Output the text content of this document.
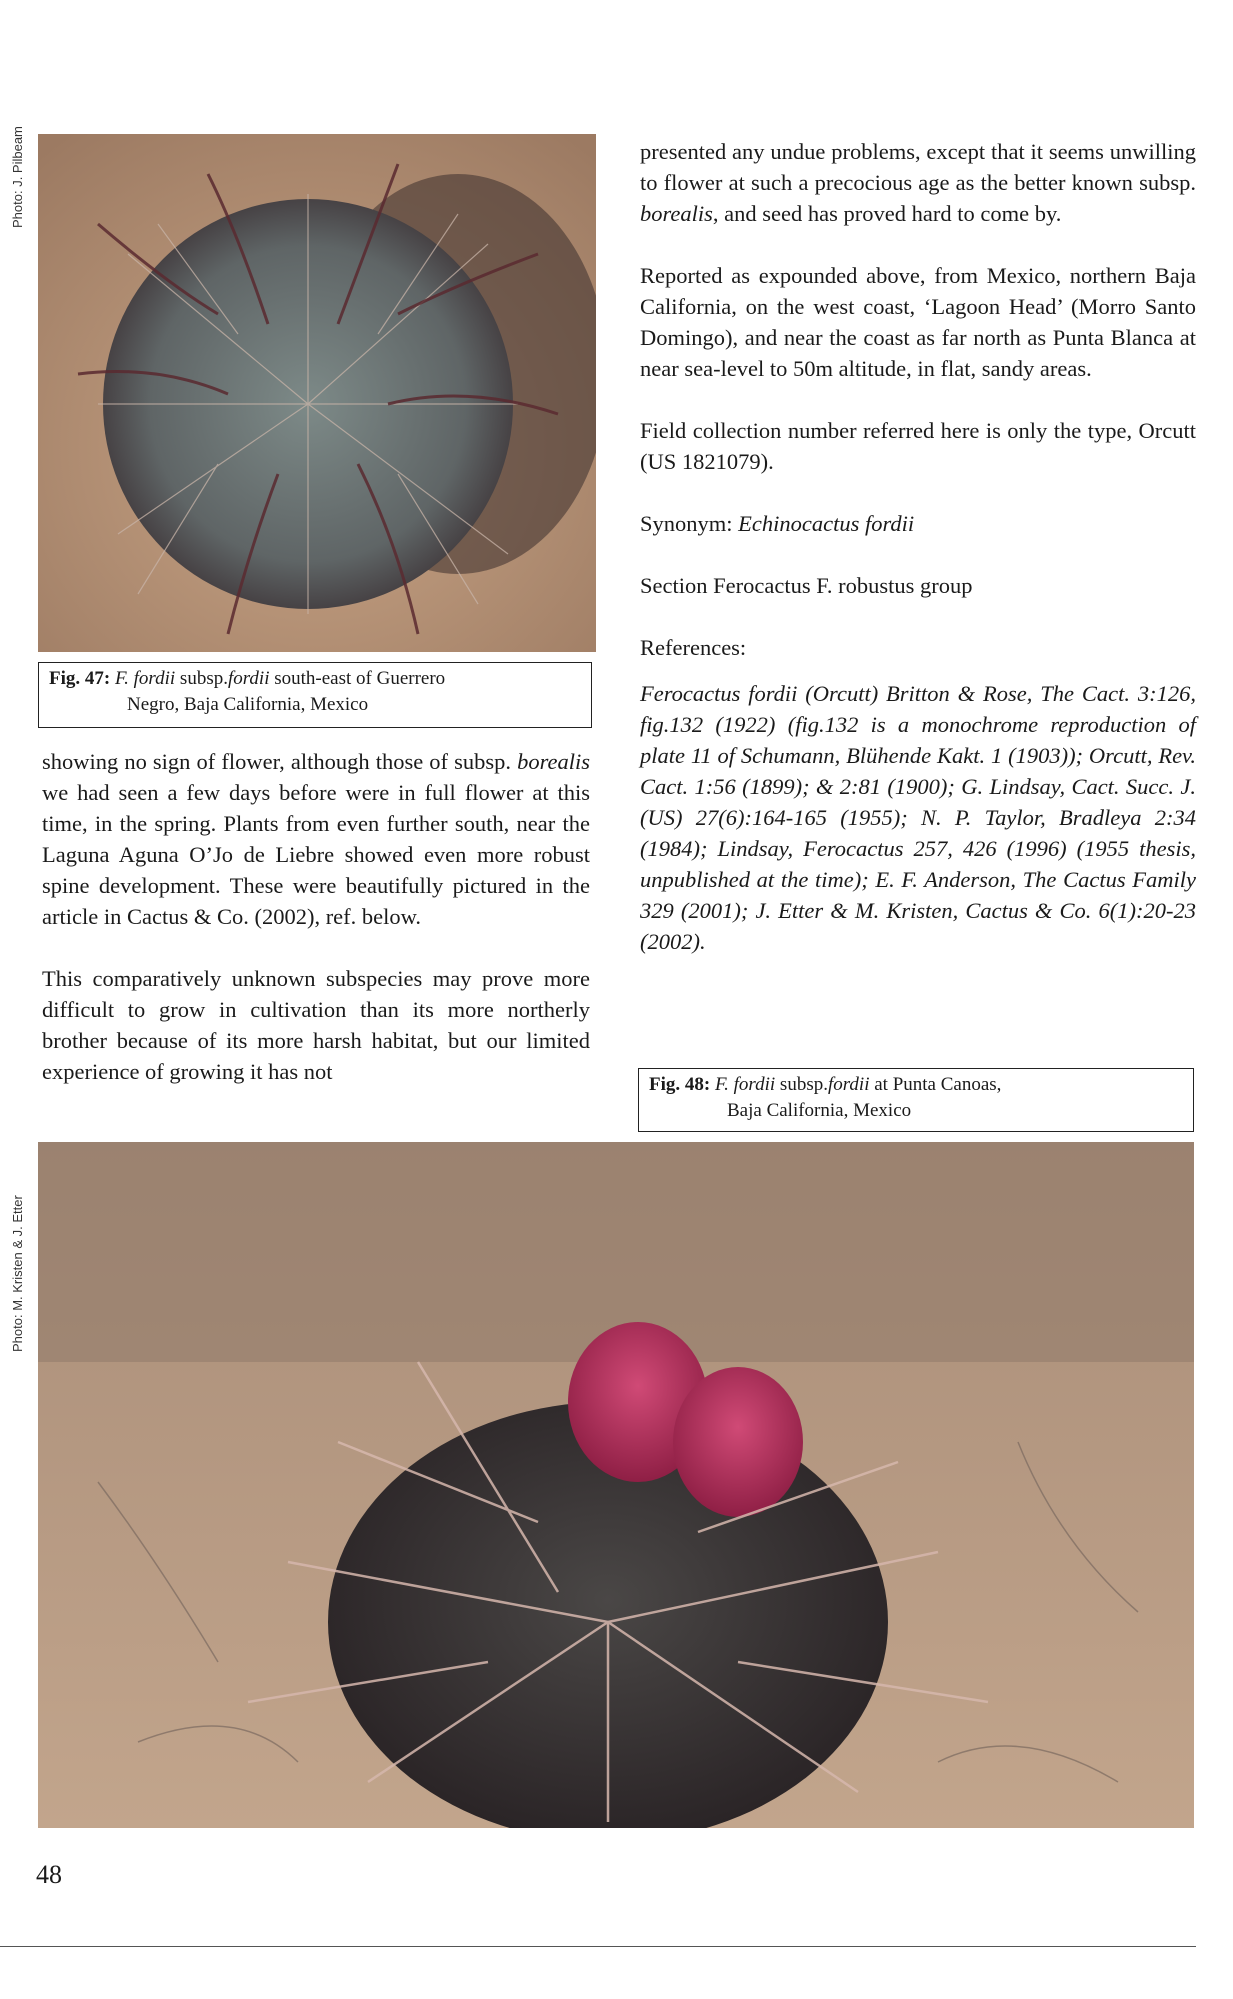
Photo: J. Pilbeam
Fig. 47: F. fordii subsp.fordii south-east of Guerrero
Negro, Baja California, Mexico

presented any undue problems, except that it seems unwilling to flower at such a precocious age as the better known subsp. borealis, and seed has proved hard to come by.

Reported as expounded above, from Mexico, northern Baja California, on the west coast, ‘Lagoon Head’ (Morro Santo Domingo), and near the coast as far north as Punta Blanca at near sea-level to 50m altitude, in flat, sandy areas.

Field collection number referred here is only the type, Orcutt (US 1821079).

Synonym: Echinocactus fordii

Section Ferocactus F. robustus group

References:

Ferocactus fordii (Orcutt) Britton & Rose, The Cact. 3:126, fig.132 (1922) (fig.132 is a monochrome reproduction of plate 11 of Schumann, Blühende Kakt. 1 (1903)); Orcutt, Rev. Cact. 1:56 (1899); & 2:81 (1900); G. Lindsay, Cact. Succ. J. (US) 27(6):164-165 (1955); N. P. Taylor, Bradleya 2:34 (1984); Lindsay, Ferocactus 257, 426 (1996) (1955 thesis, unpublished at the time); E. F. Anderson, The Cactus Family 329 (2001); J. Etter & M. Kristen, Cactus & Co. 6(1):20-23 (2002).

Fig. 48: F. fordii subsp.fordii at Punta Canoas,
Baja California, Mexico

showing no sign of flower, although those of subsp. borealis we had seen a few days before were in full flower at this time, in the spring. Plants from even further south, near the Laguna Aguna O’Jo de Liebre showed even more robust spine development. These were beautifully pictured in the article in Cactus & Co. (2002), ref. below.

This comparatively unknown subspecies may prove more difficult to grow in cultivation than its more northerly brother because of its more harsh habitat, but our limited experience of growing it has not

Photo: M. Kristen & J. Etter
48
